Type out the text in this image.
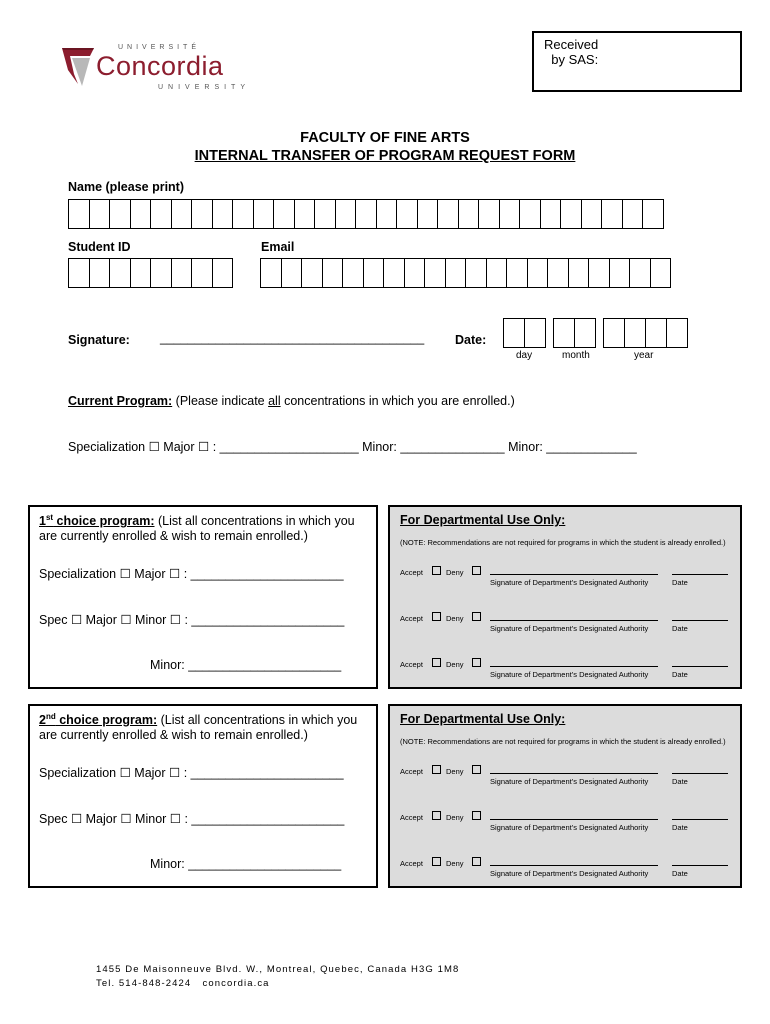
UNIVERSITÉ
Concordia
UNIVERSITY
Received
by SAS:
FACULTY OF FINE ARTS
INTERNAL TRANSFER OF PROGRAM REQUEST FORM
Name (please print)
Student ID	Email
Signature: ______________________________________ Date:
day	month	year
Current Program: (Please indicate all concentrations in which you are enrolled.)
Specialization ☐ Major ☐ : ____________________ Minor: _______________ Minor: _____________
1st choice program: (List all concentrations in which you
are currently enrolled & wish to remain enrolled.)
Specialization ☐ Major ☐ : ______________________
Spec ☐ Major ☐ Minor ☐ : ______________________
Minor: ______________________
For Departmental Use Only:
(NOTE: Recommendations are not required for programs in which the student is already enrolled.)
Accept	Deny
Signature of Department’s Designated Authority	Date
Accept	Deny
Signature of Department’s Designated Authority	Date
Accept	Deny
Signature of Department’s Designated Authority	Date
2nd choice program: (List all concentrations in which you
are currently enrolled & wish to remain enrolled.)
Specialization ☐ Major ☐ : ______________________
Spec ☐ Major ☐ Minor ☐ : ______________________
Minor: ______________________
For Departmental Use Only:
(NOTE: Recommendations are not required for programs in which the student is already enrolled.)
Accept	Deny
Signature of Department’s Designated Authority	Date
Accept	Deny
Signature of Department’s Designated Authority	Date
Accept	Deny
Signature of Department’s Designated Authority	Date
1455 De Maisonneuve Blvd. W., Montreal, Quebec, Canada H3G 1M8
Tel. 514-848-2424   concordia.ca
